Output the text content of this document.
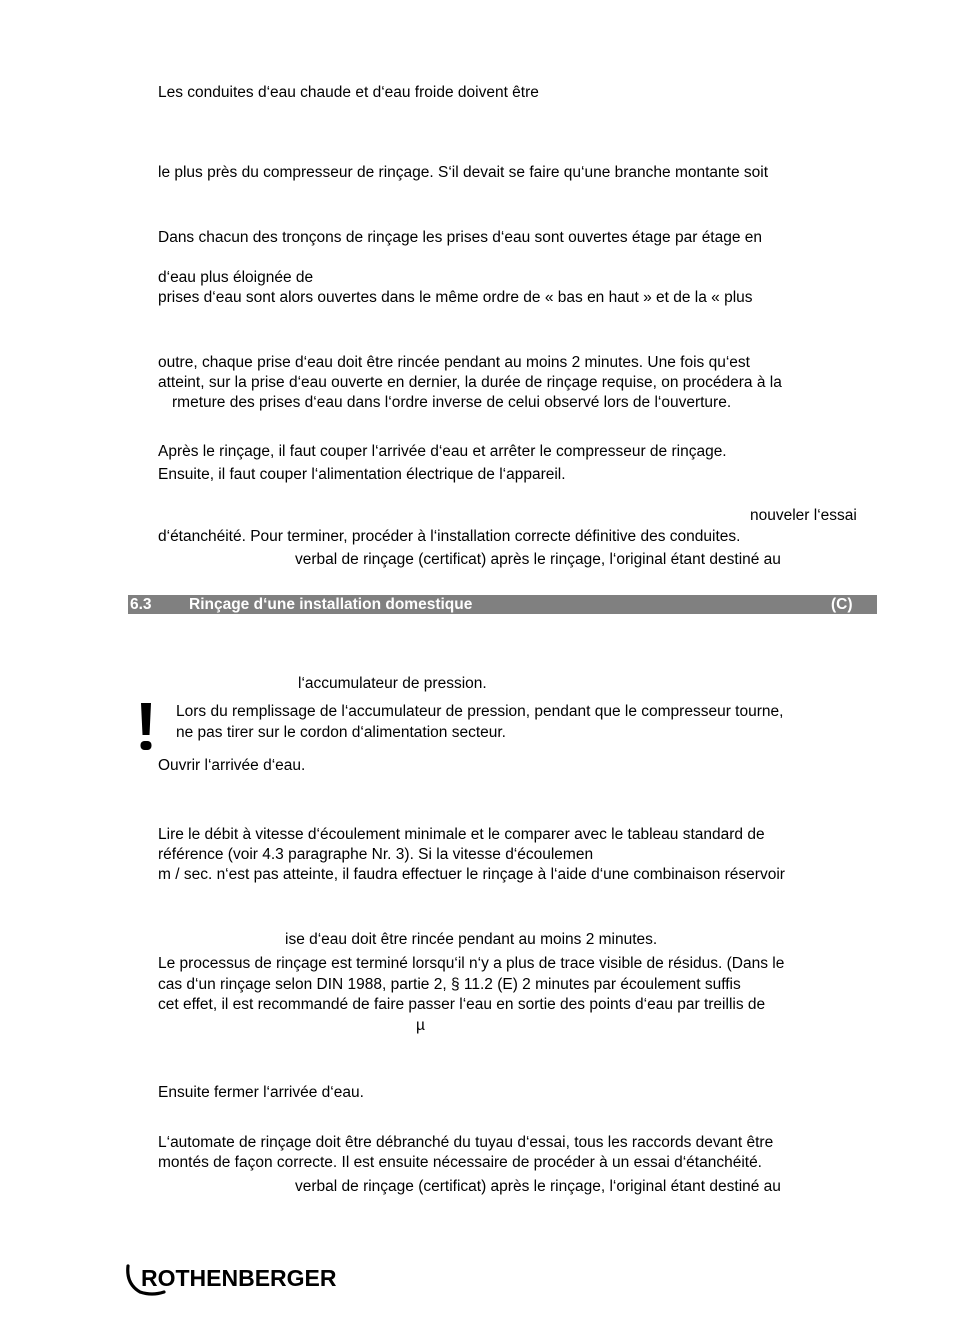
Les conduites d‘eau chaude et d‘eau froide doivent être
le plus près du compresseur de rinçage. S‘il devait se faire qu‘une branche montante soit
Dans chacun des tronçons de rinçage les prises d‘eau sont ouvertes étage par étage en
d‘eau plus éloignée de
prises d‘eau sont alors ouvertes dans le même ordre de « bas en haut » et de la « plus
outre, chaque prise d‘eau doit être rincée pendant au moins 2 minutes. Une fois qu‘est
atteint, sur la prise d‘eau ouverte en dernier, la durée de rinçage requise, on procédera à la
rmeture des prises d‘eau dans l‘ordre inverse de celui observé lors de l‘ouverture.
Après le rinçage, il faut couper l‘arrivée d‘eau et arrêter le compresseur de rinçage.
Ensuite, il faut couper l‘alimentation électrique de l‘appareil.
nouveler l‘essai
d‘étanchéité. Pour terminer, procéder à l‘installation correcte définitive des conduites.
verbal de rinçage (certificat) après le rinçage, l‘original étant destiné au
6.3 Rinçage d‘une installation domestique	(C)
l‘accumulateur de pression.
Lors du remplissage de l‘accumulateur de pression, pendant que le compresseur tourne,
ne pas tirer sur le cordon d‘alimentation secteur.
Ouvrir l‘arrivée d‘eau.
Lire le débit à vitesse d‘écoulement minimale et le comparer avec le tableau standard de
référence (voir 4.3 paragraphe Nr. 3). Si la vitesse d‘écoulemen
m / sec. n‘est pas atteinte, il faudra effectuer le rinçage à l‘aide d‘une combinaison réservoir
ise d‘eau doit être rincée pendant au moins 2 minutes.
Le processus de rinçage est terminé lorsqu‘il n‘y a plus de trace visible de résidus. (Dans le
cas d‘un rinçage selon DIN 1988, partie 2, § 11.2 (E) 2 minutes par écoulement suffis
cet effet, il est recommandé de faire passer l‘eau en sortie des points d‘eau par treillis de
µ
Ensuite fermer l‘arrivée d‘eau.
L‘automate de rinçage doit être débranché du tuyau d‘essai, tous les raccords devant être
montés de façon correcte. Il est ensuite nécessaire de procéder à un essai d‘étanchéité.
verbal de rinçage (certificat) après le rinçage, l‘original étant destiné au
ROTHENBERGER
